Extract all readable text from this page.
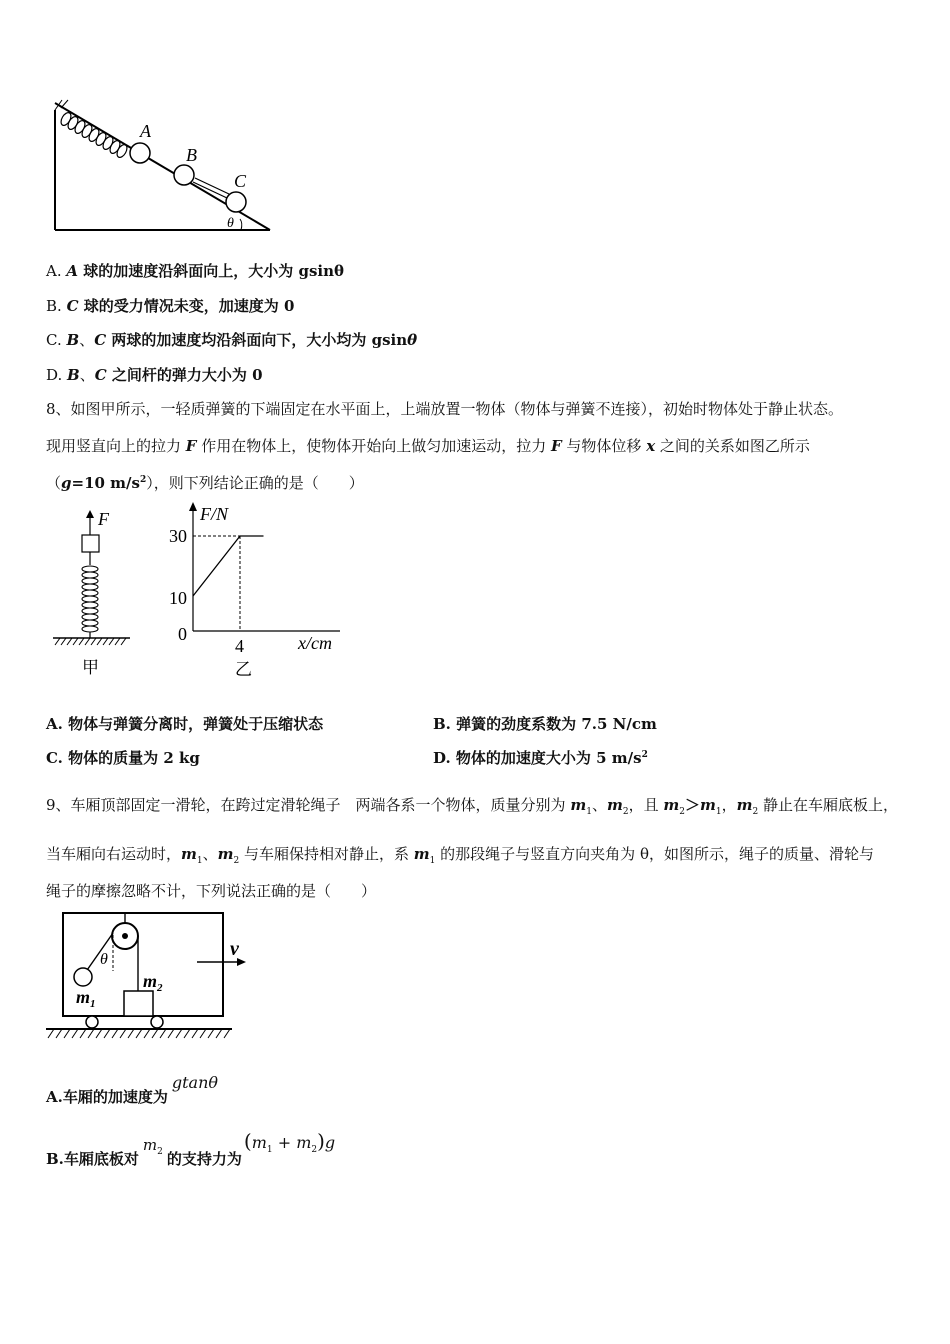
A
B
C
θ
A. A 球的加速度沿斜面向上，大小为 gsinθ
B. C 球的受力情况未变，加速度为 0
C. B、C 两球的加速度均沿斜面向下，大小均为 gsinθ
D. B、C 之间杆的弹力大小为 0
8、如图甲所示，一轻质弹簧的下端固定在水平面上，上端放置一物体（物体与弹簧不连接），初始时物体处于静止状态。
现用竖直向上的拉力 F 作用在物体上，使物体开始向上做匀加速运动，拉力 F 与物体位移 x 之间的关系如图乙所示
（g=10 $m/s^2$），则下列结论正确的是（　　）
F
甲
F/N
x/cm
0
30
10
4
乙
A. 物体与弹簧分离时，弹簧处于压缩状态	B. 弹簧的劲度系数为 7.5 N/cm
C. 物体的质量为 2 kg	D. 物体的加速度大小为 5 $m/s^2$
9、车厢顶部固定一滑轮，在跨过定滑轮绳子　两端各系一个物体，质量分别为 $m_1$、$m_2$，且 $m_2>m_1$，$m_2$ 静止在车厢底板上，
当车厢向右运动时，$m_1$、$m_2$ 与车厢保持相对静止，系 $m_1$ 的那段绳子与竖直方向夹角为 θ，如图所示，绳子的质量、滑轮与
绳子的摩擦忽略不计，下列说法正确的是（　　）
θ
$m_1$
$m_2$
v
A.车厢的加速度为gtanθ
B.车厢底板对$m_2$ 的支持力为$(m_1 + m_2)g$
